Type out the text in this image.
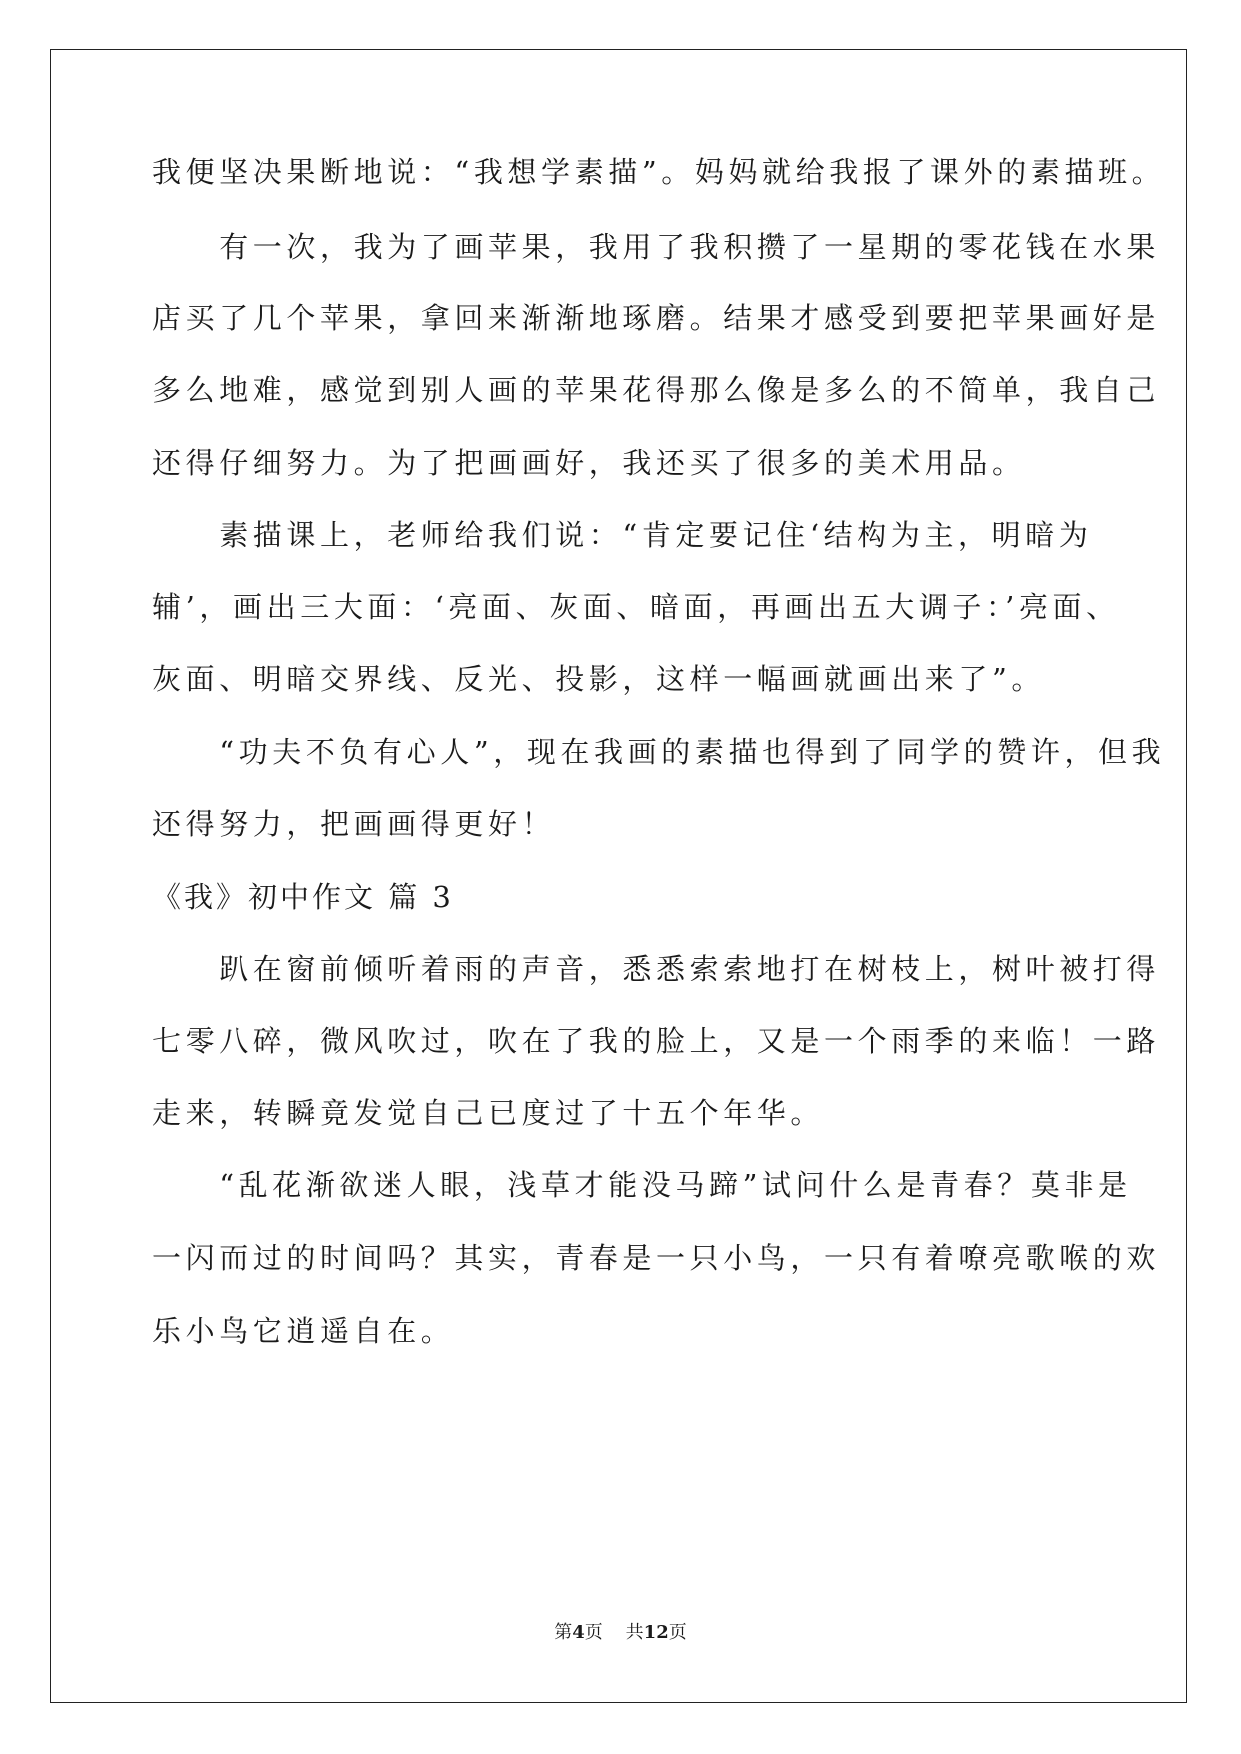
我便坚决果断地说：“我想学素描”。妈妈就给我报了课外的素描班。
　　有一次，我为了画苹果，我用了我积攒了一星期的零花钱在水果
店买了几个苹果，拿回来渐渐地琢磨。结果才感受到要把苹果画好是
多么地难，感觉到别人画的苹果花得那么像是多么的不简单，我自己
还得仔细努力。为了把画画好，我还买了很多的美术用品。
　　素描课上，老师给我们说：“肯定要记住‘结构为主，明暗为
辅’，画出三大面：‘亮面、灰面、暗面，再画出五大调子：’亮面、
灰面、明暗交界线、反光、投影，这样一幅画就画出来了”。
　　“功夫不负有心人”，现在我画的素描也得到了同学的赞许，但我
还得努力，把画画得更好！
《我》初中作文 篇 3
　　趴在窗前倾听着雨的声音，悉悉索索地打在树枝上，树叶被打得
七零八碎，微风吹过，吹在了我的脸上，又是一个雨季的来临！一路
走来，转瞬竟发觉自己已度过了十五个年华。
　　“乱花渐欲迷人眼，浅草才能没马蹄”试问什么是青春？莫非是
一闪而过的时间吗？其实，青春是一只小鸟，一只有着嘹亮歌喉的欢
乐小鸟它逍遥自在。
第4页 共12页
